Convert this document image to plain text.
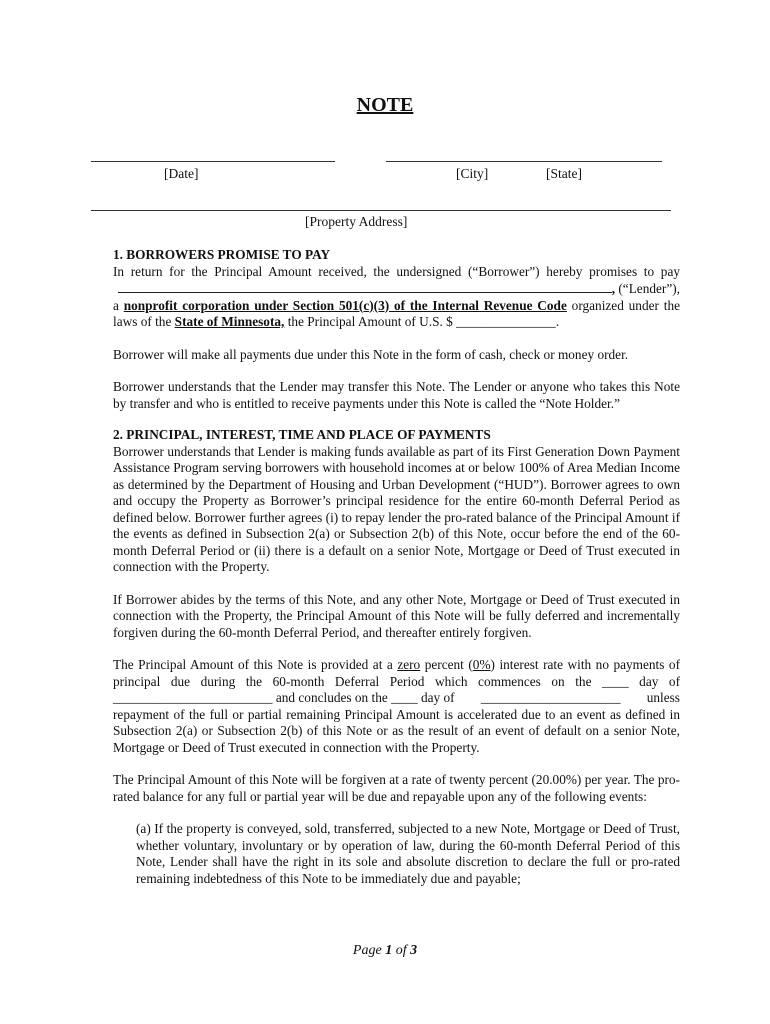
NOTE
[Date]	[City]	[State]
[Property Address]

1. BORROWERS PROMISE TO PAY

In return for the Principal Amount received, the undersigned (“Borrower”) hereby promises to pay

, (“Lender”),

a nonprofit corporation under Section 501(c)(3) of the Internal Revenue Code organized under the

laws of the State of Minnesota, the Principal Amount of U.S. $ _______________.

Borrower will make all payments due under this Note in the form of cash, check or money order.

Borrower understands that the Lender may transfer this Note. The Lender or anyone who takes this Note by transfer and who is entitled to receive payments under this Note is called the “Note Holder.”

2. PRINCIPAL, INTEREST, TIME AND PLACE OF PAYMENTS

Borrower understands that Lender is making funds available as part of its First Generation Down Payment Assistance Program serving borrowers with household incomes at or below 100% of Area Median Income as determined by the Department of Housing and Urban Development (“HUD”). Borrower agrees to own and occupy the Property as Borrower’s principal residence for the entire 60-month Deferral Period as defined below. Borrower further agrees (i) to repay lender the pro-rated balance of the Principal Amount if the events as defined in Subsection 2(a) or Subsection 2(b) of this Note, occur before the end of the 60- month Deferral Period or (ii) there is a default on a senior Note, Mortgage or Deed of Trust executed in connection with the Property.

If Borrower abides by the terms of this Note, and any other Note, Mortgage or Deed of Trust executed in connection with the Property, the Principal Amount of this Note will be fully deferred and incrementally forgiven during the 60-month Deferral Period, and thereafter entirely forgiven.

The Principal Amount of this Note is provided at a zero percent (0%) interest rate with no payments of

principal due during the 60-month Deferral Period which commences on the ____ day of

________________________ and concludes on the ____ day of _____________________ unless

repayment of the full or partial remaining Principal Amount is accelerated due to an event as defined in Subsection 2(a) or Subsection 2(b) of this Note or as the result of an event of default on a senior Note, Mortgage or Deed of Trust executed in connection with the Property.

The Principal Amount of this Note will be forgiven at a rate of twenty percent (20.00%) per year. The pro-rated balance for any full or partial year will be due and repayable upon any of the following events:

(a) If the property is conveyed, sold, transferred, subjected to a new Note, Mortgage or Deed of Trust, whether voluntary, involuntary or by operation of law, during the 60-month Deferral Period of this Note, Lender shall have the right in its sole and absolute discretion to declare the full or pro-rated remaining indebtedness of this Note to be immediately due and payable;

Page 1 of 3
